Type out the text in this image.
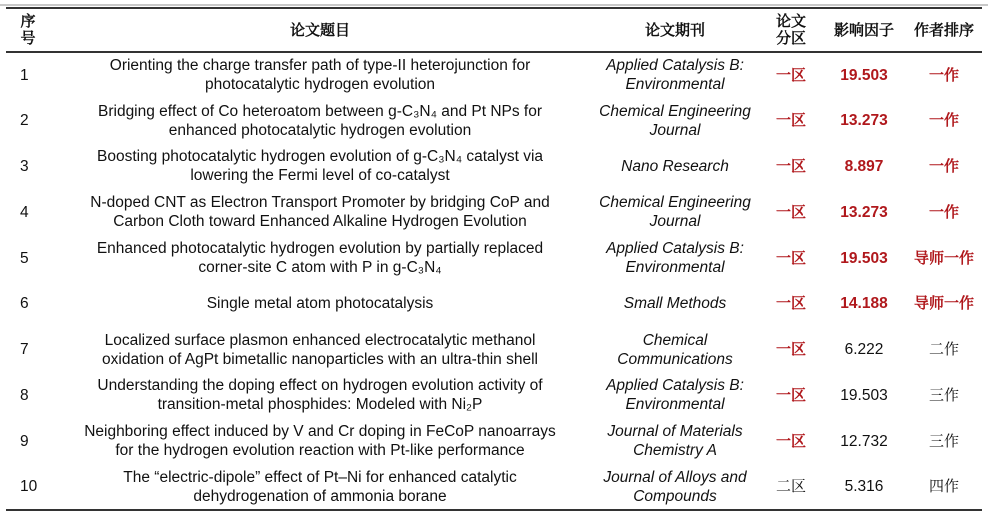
序号	论文题目	论文期刊	论文分区	影响因子	作者排序
1	Orienting the charge transfer path of type-II heterojunction for
photocatalytic hydrogen evolution	Applied Catalysis B:
Environmental	一区	19.503	一作
2	Bridging effect of Co heteroatom between g-C₃N₄ and Pt NPs for
enhanced photocatalytic hydrogen evolution	Chemical Engineering
Journal	一区	13.273	一作
3	Boosting photocatalytic hydrogen evolution of g-C₃N₄ catalyst via
lowering the Fermi level of co-catalyst	Nano Research	一区	8.897	一作
4	N-doped CNT as Electron Transport Promoter by bridging CoP and
Carbon Cloth toward Enhanced Alkaline Hydrogen Evolution	Chemical Engineering
Journal	一区	13.273	一作
5	Enhanced photocatalytic hydrogen evolution by partially replaced
corner-site C atom with P in g-C₃N₄	Applied Catalysis B:
Environmental	一区	19.503	导师一作
6	Single metal atom photocatalysis	Small Methods	一区	14.188	导师一作
7	Localized surface plasmon enhanced electrocatalytic methanol
oxidation of AgPt bimetallic nanoparticles with an ultra-thin shell	Chemical
Communications	一区	6.222	二作
8	Understanding the doping effect on hydrogen evolution activity of
transition-metal phosphides: Modeled with Ni₂P	Applied Catalysis B:
Environmental	一区	19.503	三作
9	Neighboring effect induced by V and Cr doping in FeCoP nanoarrays
for the hydrogen evolution reaction with Pt-like performance	Journal of Materials
Chemistry A	一区	12.732	三作
10	The “electric-dipole” effect of Pt–Ni for enhanced catalytic
dehydrogenation of ammonia borane	Journal of Alloys and
Compounds	二区	5.316	四作
